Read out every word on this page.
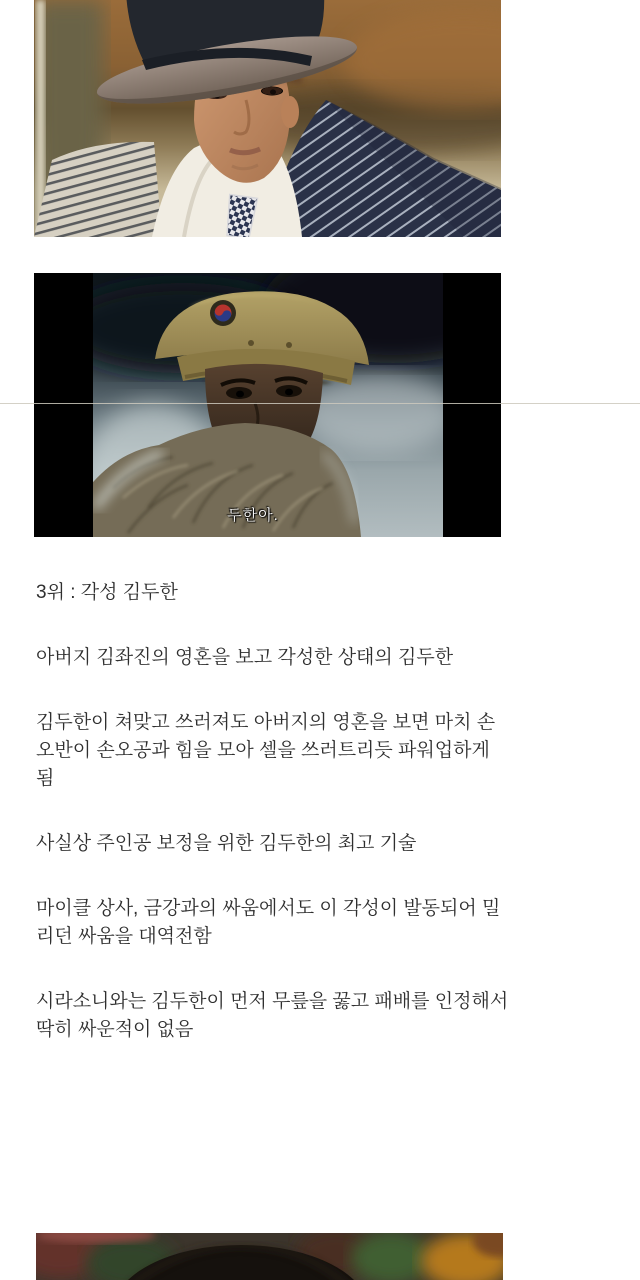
두한아.

3위 : 각성 김두한

아버지 김좌진의 영혼을 보고 각성한 상태의 김두한

김두한이 쳐맞고 쓰러져도 아버지의 영혼을 보면 마치 손
오반이 손오공과 힘을 모아 셀을 쓰러트리듯 파워업하게
됨

사실상 주인공 보정을 위한 김두한의 최고 기술

마이클 상사, 금강과의 싸움에서도 이 각성이 발동되어 밀
리던 싸움을 대역전함

시라소니와는 김두한이 먼저 무릎을 꿇고 패배를 인정해서
딱히 싸운적이 없음
